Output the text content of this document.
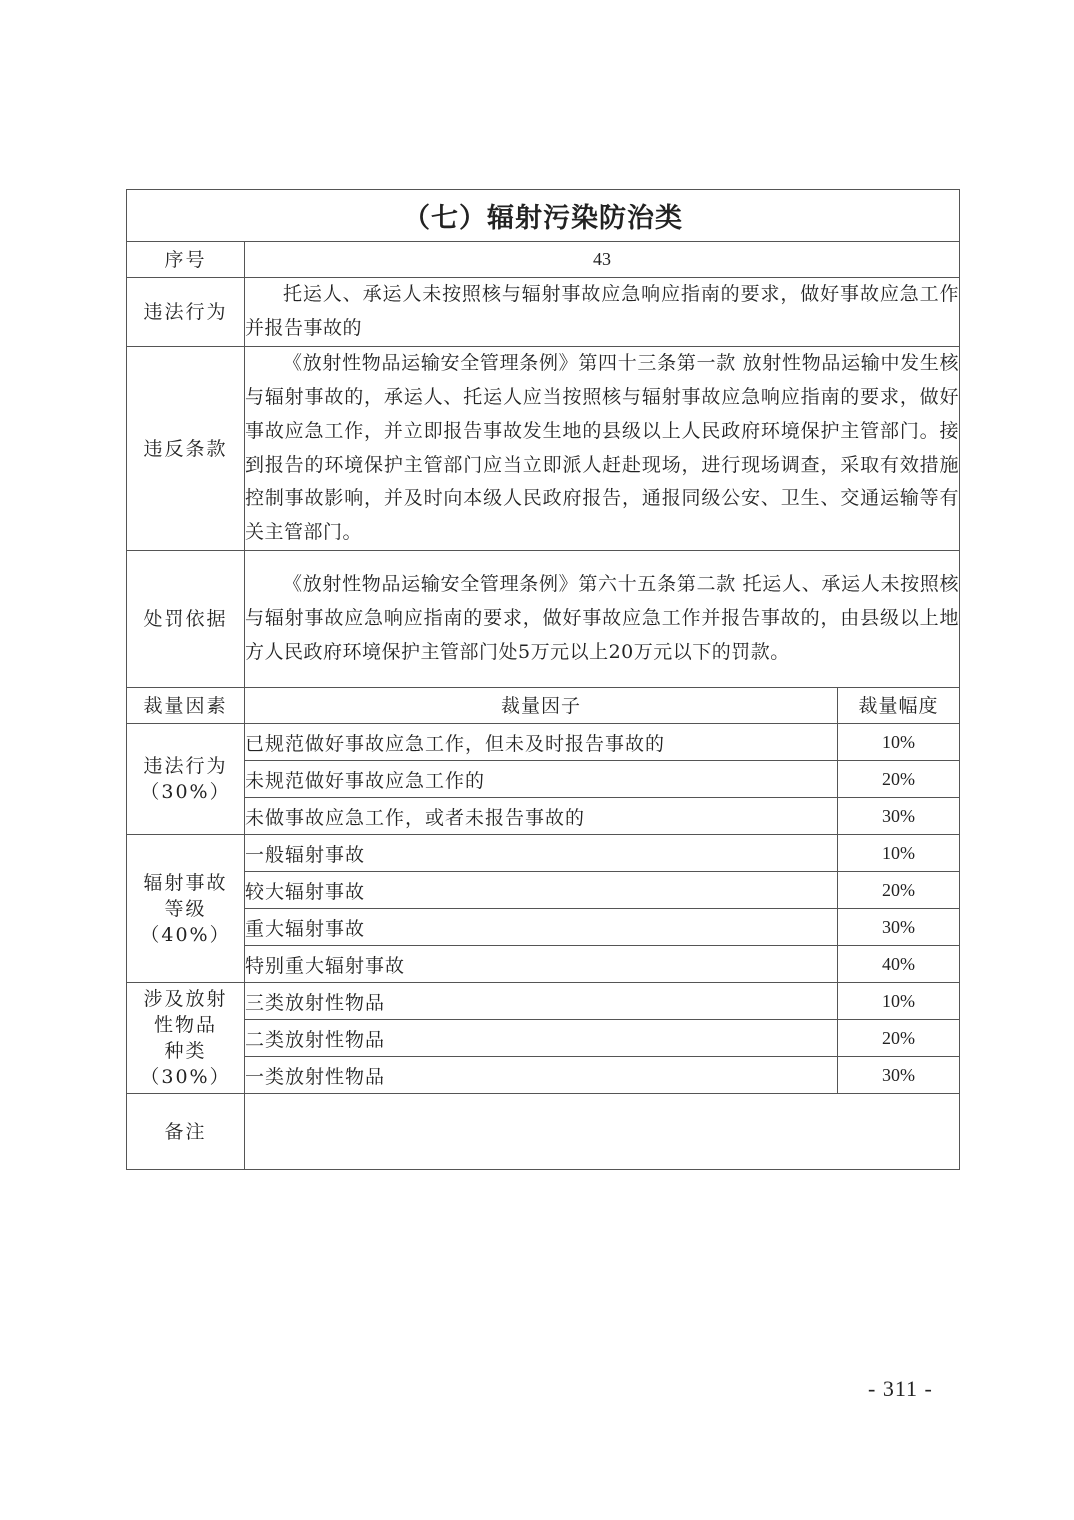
（七）辐射污染防治类		
序号	43	
违法行为	托运人、承运人未按照核与辐射事故应急响应指南的要求，做好事故应急工作并报告事故的	
违反条款	《放射性物品运输安全管理条例》第四十三条第一款 放射性物品运输中发生核与辐射事故的，承运人、托运人应当按照核与辐射事故应急响应指南的要求，做好事故应急工作，并立即报告事故发生地的县级以上人民政府环境保护主管部门。接到报告的环境保护主管部门应当立即派人赶赴现场，进行现场调查，采取有效措施控制事故影响，并及时向本级人民政府报告，通报同级公安、卫生、交通运输等有关主管部门。	
处罚依据	《放射性物品运输安全管理条例》第六十五条第二款 托运人、承运人未按照核与辐射事故应急响应指南的要求，做好事故应急工作并报告事故的，由县级以上地方人民政府环境保护主管部门处5万元以上20万元以下的罚款。	
裁量因素	裁量因子	裁量幅度

违法行为
（30%）	已规范做好事故应急工作，但未及时报告事故的	10%
	未规范做好事故应急工作的	20%
	未做事故应急工作，或者未报告事故的	30%

辐射事故
等级
（40%）	一般辐射事故	10%
	较大辐射事故	20%
	重大辐射事故	30%
	特别重大辐射事故	40%

涉及放射
性物品
种类
（30%）	三类放射性物品	10%
	二类放射性物品	20%
	一类放射性物品	30%
备注		
- 311 -
